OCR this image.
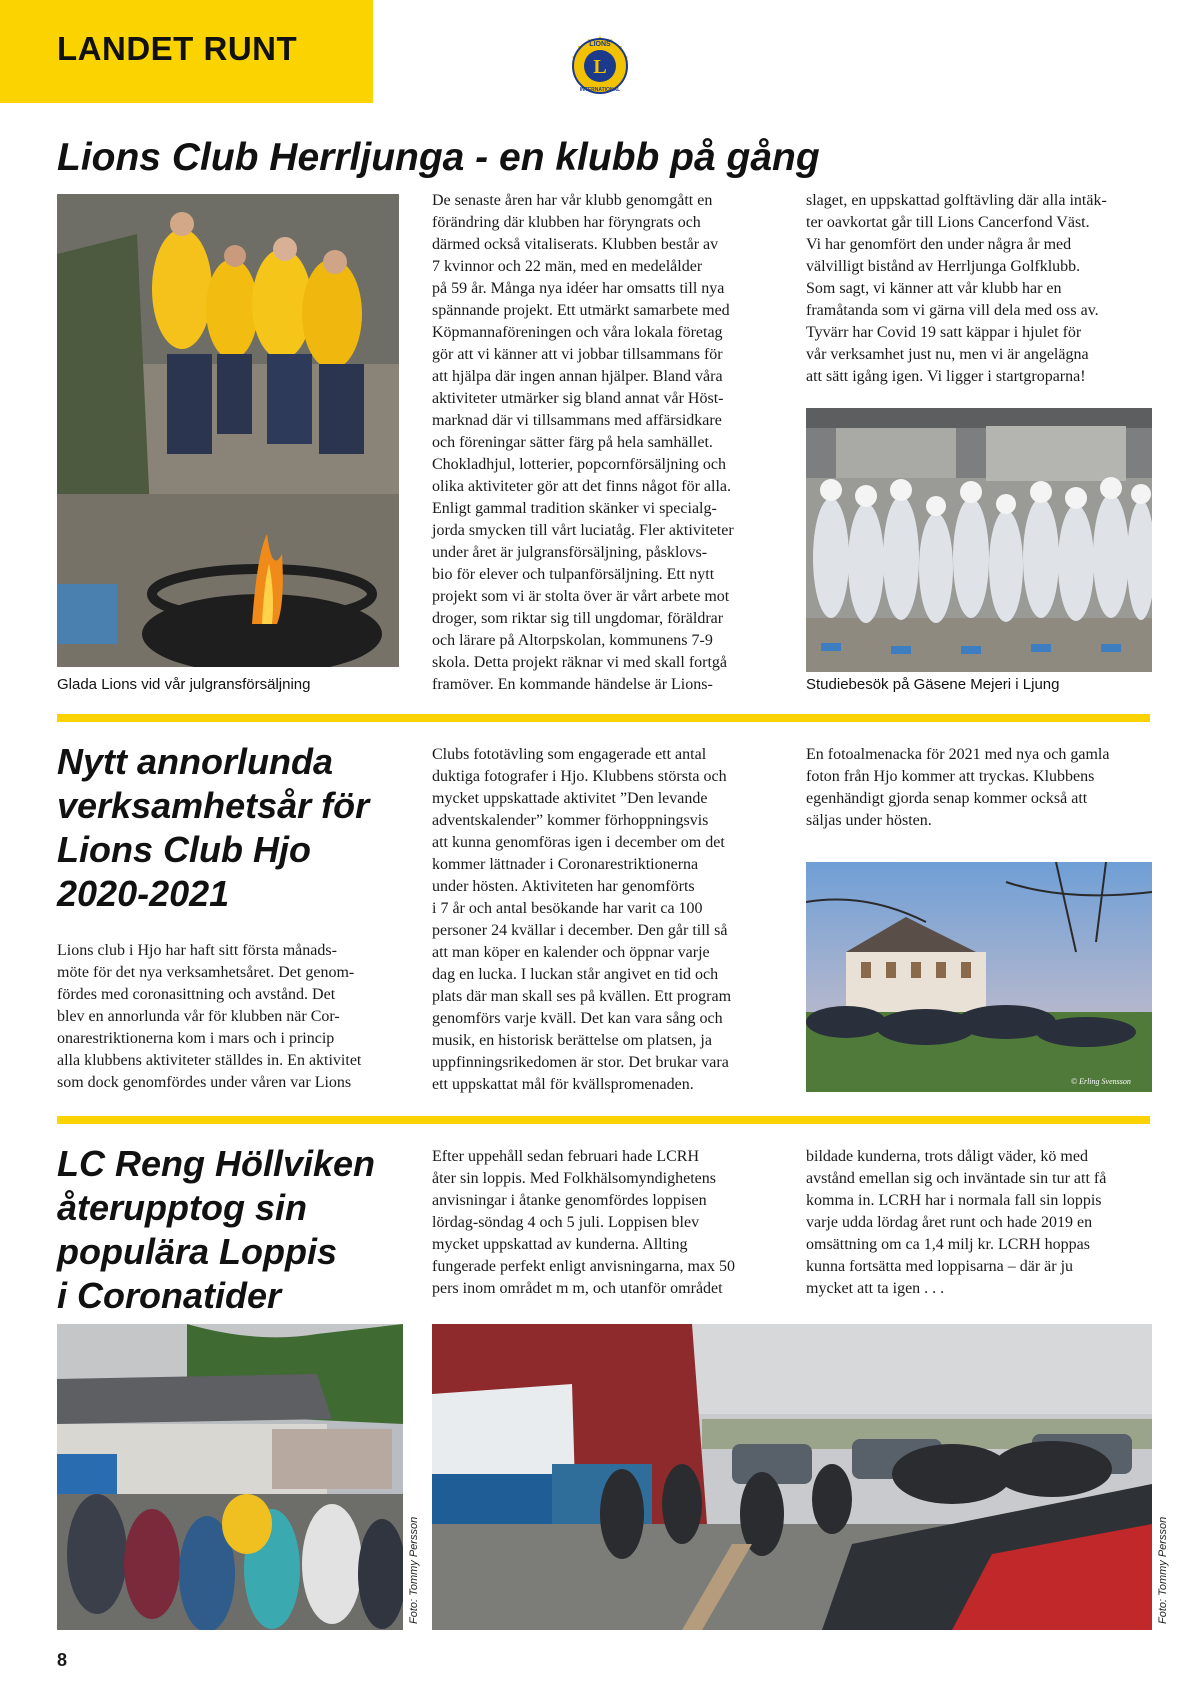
LANDET RUNT	L
LIONS
INTERNATIONAL
Lions Club Herrljunga - en klubb på gång
Glada Lions vid vår julgransförsäljning

De senaste åren har vår klubb genomgått en

förändring där klubben har föryngrats och

därmed också vitaliserats. Klubben består av

7 kvinnor och 22 män, med en medelålder

på 59 år. Många nya idéer har omsatts till nya

spännande projekt. Ett utmärkt samarbete med

Köpmannaföreningen och våra lokala företag

gör att vi känner att vi jobbar tillsammans för

att hjälpa där ingen annan hjälper. Bland våra

aktiviteter utmärker sig bland annat vår Höst-

marknad där vi tillsammans med affärsidkare

och föreningar sätter färg på hela samhället.

Chokladhjul, lotterier, popcornförsäljning och

olika aktiviteter gör att det finns något för alla.

Enligt gammal tradition skänker vi specialg-

jorda smycken till vårt luciatåg. Fler aktiviteter

under året är julgransförsäljning, påsklovs-

bio för elever och tulpanförsäljning. Ett nytt

projekt som vi är stolta över är vårt arbete mot

droger, som riktar sig till ungdomar, föräldrar

och lärare på Altorpskolan, kommunens 7-9

skola. Detta projekt räknar vi med skall fortgå

framöver. En kommande händelse är Lions-

slaget, en uppskattad golftävling där alla intäk-

ter oavkortat går till Lions Cancerfond Väst.

Vi har genomfört den under några år med

välvilligt bistånd av Herrljunga Golfklubb.

Som sagt, vi känner att vår klubb har en

framåtanda som vi gärna vill dela med oss av.

Tyvärr har Covid 19 satt käppar i hjulet för

vår verksamhet just nu, men vi är angelägna

att sätt igång igen. Vi ligger i startgroparna!

Studiebesök på Gäsene Mejeri i Ljung
Nytt annorlunda
verksamhetsår för
Lions Club Hjo
2020-2021

Lions club i Hjo har haft sitt första månads-

möte för det nya verksamhetsåret. Det genom-

fördes med coronasittning och avstånd. Det

blev en annorlunda vår för klubben när Cor-

onarestriktionerna kom i mars och i princip

alla klubbens aktiviteter ställdes in. En aktivitet

som dock genomfördes under våren var Lions

Clubs fototävling som engagerade ett antal

duktiga fotografer i Hjo. Klubbens största och

mycket uppskattade aktivitet ”Den levande

adventskalender” kommer förhoppningsvis

att kunna genomföras igen i december om det

kommer lättnader i Coronarestriktionerna

under hösten. Aktiviteten har genomförts

i 7 år och antal besökande har varit ca 100

personer 24 kvällar i december. Den går till så

att man köper en kalender och öppnar varje

dag en lucka. I luckan står angivet en tid och

plats där man skall ses på kvällen. Ett program

genomförs varje kväll. Det kan vara sång och

musik, en historisk berättelse om platsen, ja

uppfinningsrikedomen är stor. Det brukar vara

ett uppskattat mål för kvällspromenaden.

En fotoalmenacka för 2021 med nya och gamla

foton från Hjo kommer att tryckas. Klubbens

egenhändigt gjorda senap kommer också att

säljas under hösten.

© Erling Svensson
LC Reng Höllviken
återupptog sin
populära Loppis
i Coronatider

Efter uppehåll sedan februari hade LCRH

åter sin loppis. Med Folkhälsomyndighetens

anvisningar i åtanke genomfördes loppisen

lördag-söndag 4 och 5 juli. Loppisen blev

mycket uppskattad av kunderna. Allting

fungerade perfekt enligt anvisningarna, max 50

pers inom området m m, och utanför området

bildade kunderna, trots dåligt väder, kö med

avstånd emellan sig och inväntade sin tur att få

komma in. LCRH har i normala fall sin loppis

varje udda lördag året runt och hade 2019 en

omsättning om ca 1,4 milj kr. LCRH hoppas

kunna fortsätta med loppisarna – där är ju

mycket att ta igen . . .

Foto: Tommy Persson	Foto: Tommy Persson
8
